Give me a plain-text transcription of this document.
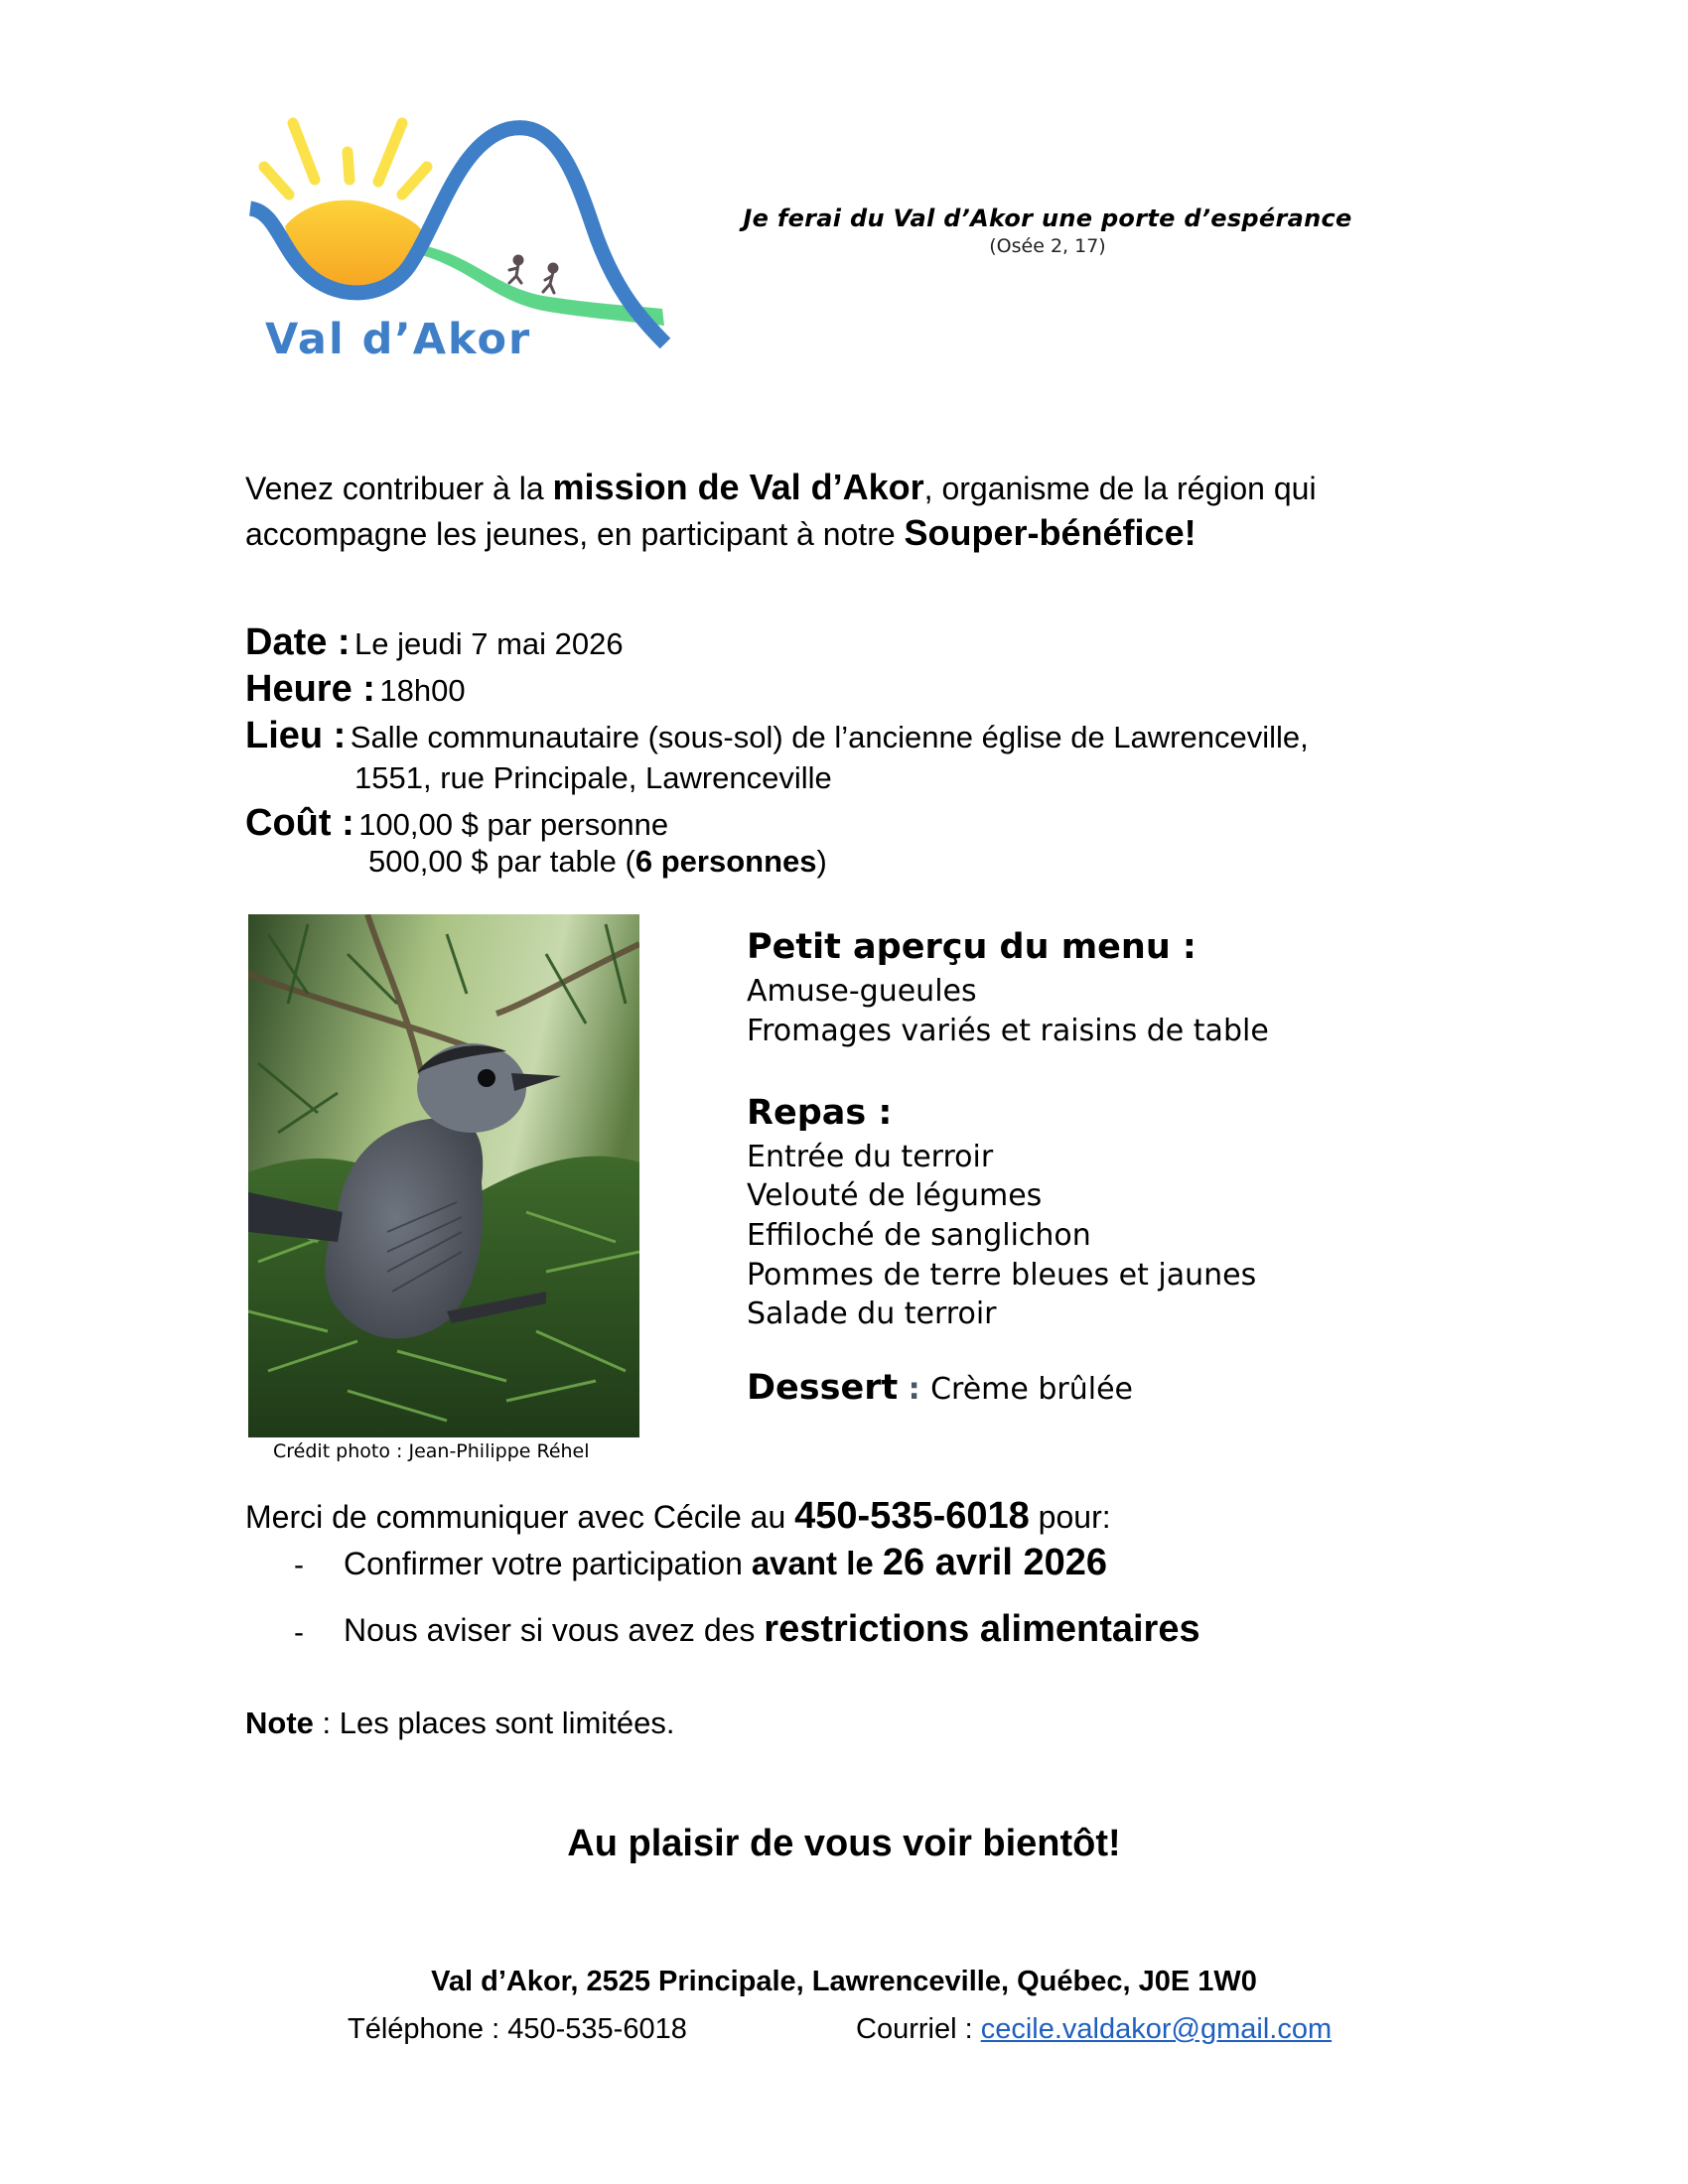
Val d’Akor
Je ferai du Val d’Akor une porte d’espérance
(Osée 2, 17)
Venez contribuer à la mission de Val d’Akor, organisme de la région qui
accompagne les jeunes, en participant à notre Souper-bénéfice!
Date : Le jeudi 7 mai 2026
Heure : 18h00
Lieu : Salle communautaire (sous-sol) de l’ancienne église de Lawrenceville,
1551, rue Principale, Lawrenceville
Coût : 100,00 $ par personne
500,00 $ par table (6 personnes)
Crédit photo : Jean-Philippe Réhel
Petit aperçu du menu :
Amuse-gueules
Fromages variés et raisins de table
Repas :
Entrée du terroir
Velouté de légumes
Effiloché de sanglichon
Pommes de terre bleues et jaunes
Salade du terroir
Dessert : Crème brûlée
Merci de communiquer avec Cécile au 450-535-6018 pour:
- Confirmer votre participation avant le 26 avril 2026
- Nous aviser si vous avez des restrictions alimentaires
Note : Les places sont limitées.
Au plaisir de vous voir bientôt!
Val d’Akor, 2525 Principale, Lawrenceville, Québec, J0E 1W0
Téléphone : 450-535-6018	Courriel : cecile.valdakor@gmail.com
